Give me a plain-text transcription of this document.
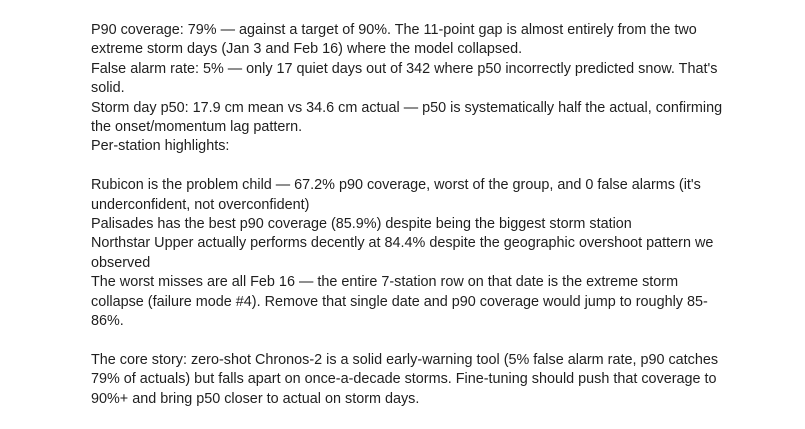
P90 coverage: 79% — against a target of 90%. The 11-point gap is almost entirely from the two extreme storm days (Jan 3 and Feb 16) where the model collapsed.

False alarm rate: 5% — only 17 quiet days out of 342 where p50 incorrectly predicted snow. That's solid.

Storm day p50: 17.9 cm mean vs 34.6 cm actual — p50 is systematically half the actual, confirming the onset/momentum lag pattern.

Per-station highlights:

Rubicon is the problem child — 67.2% p90 coverage, worst of the group, and 0 false alarms (it's underconfident, not overconfident)

Palisades has the best p90 coverage (85.9%) despite being the biggest storm station

Northstar Upper actually performs decently at 84.4% despite the geographic overshoot pattern we observed

The worst misses are all Feb 16 — the entire 7-station row on that date is the extreme storm collapse (failure mode #4). Remove that single date and p90 coverage would jump to roughly 85-86%.

The core story: zero-shot Chronos-2 is a solid early-warning tool (5% false alarm rate, p90 catches 79% of actuals) but falls apart on once-a-decade storms. Fine-tuning should push that coverage to 90%+ and bring p50 closer to actual on storm days.
